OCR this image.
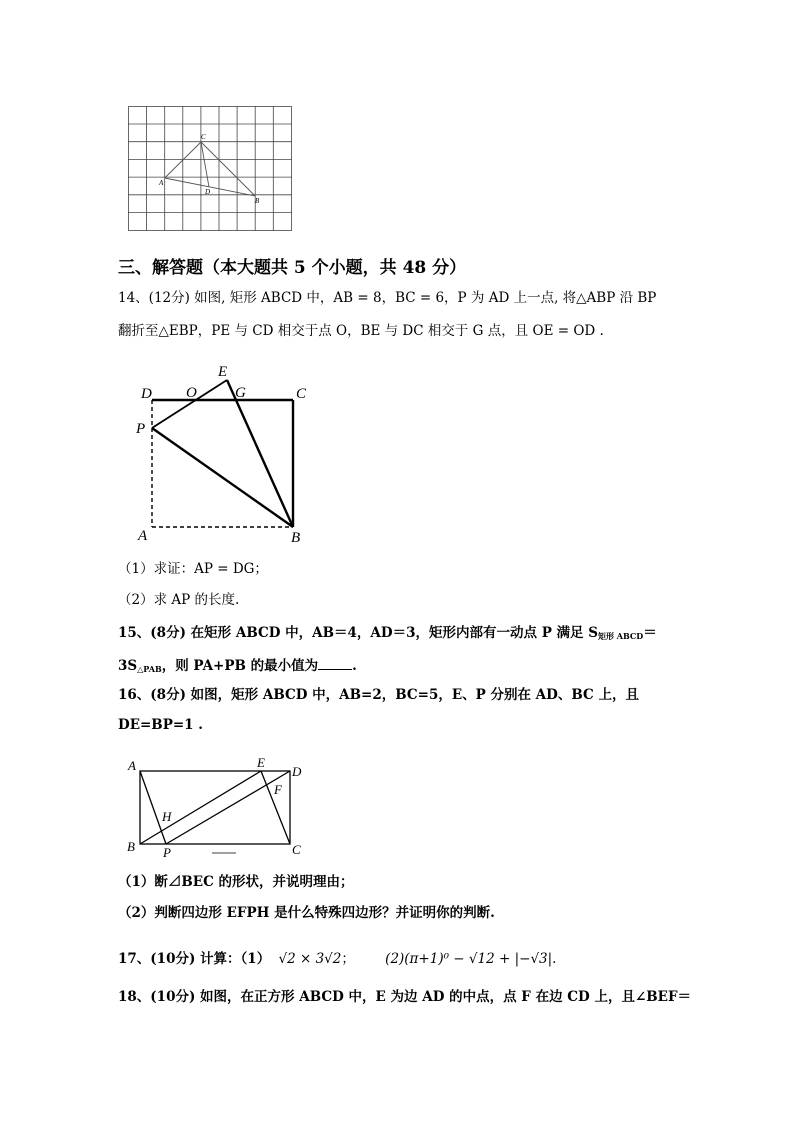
C
A
D
B
三、解答题（本大题共 5 个小题，共 48 分）
14、(12分) 如图, 矩形 ABCD 中，AB = 8，BC = 6，P 为 AD 上一点, 将△ABP 沿 BP
翻折至△EBP，PE 与 CD 相交于点 O，BE 与 DC 相交于 G 点，且 OE = OD .
D O
E
G	C
P
A	B
（1）求证：AP = DG；
（2）求 AP 的长度.
15、(8分) 在矩形 ABCD 中，AB＝4，AD＝3，矩形内部有一动点 P 满足 $S_{矩形 ABCD}=$
$3S_{\triangle PAB}$，则 PA+PB 的最小值为	.
16、(8分) 如图，矩形 ABCD 中，AB=2，BC=5，E、P 分别在 AD、BC 上，且
DE=BP=1 .
A	E
D
F
H
B P	C
（1）断⊿BEC 的形状，并说明理由；
（2）判断四边形 EFPH 是什么特殊四边形？并证明你的判断.
17、(10分) 计算：（1） √2 × 3√2； (2)(π+1)⁰ − √12 + |−√3|.
18、(10分) 如图，在正方形 ABCD 中，E 为边 AD 的中点，点 F 在边 CD 上，且∠BEF＝
